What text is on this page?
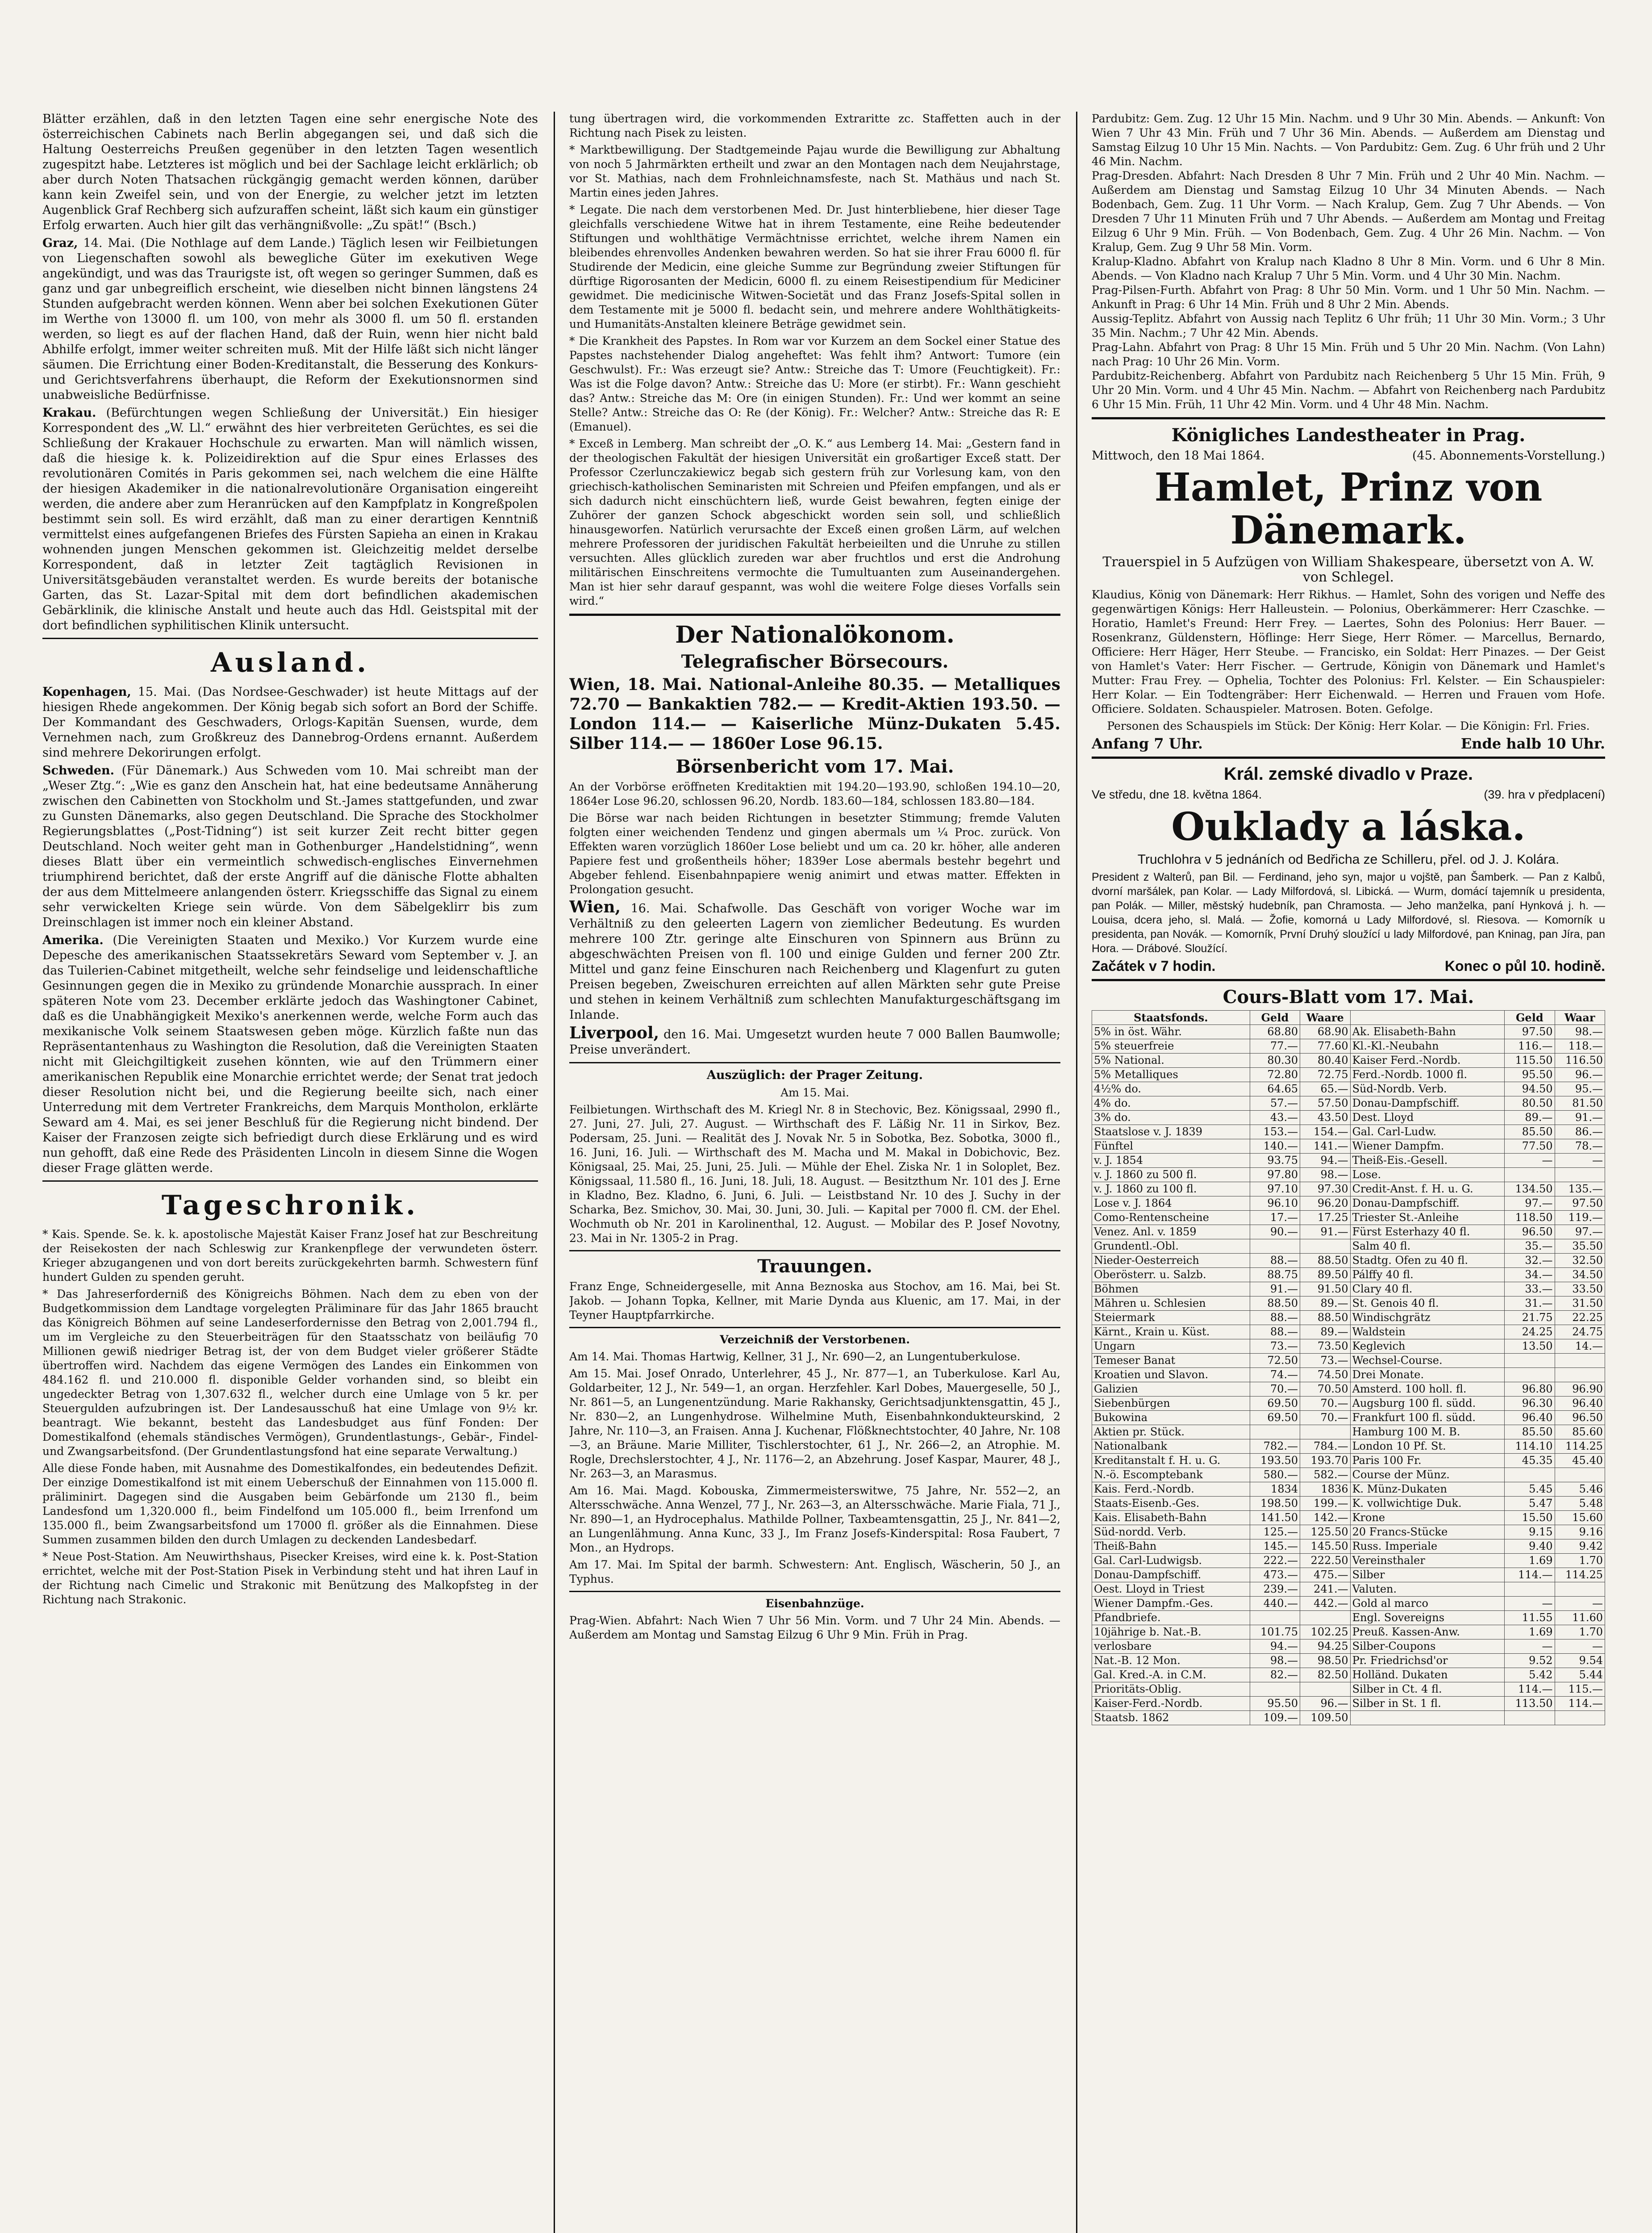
Blätter erzählen, daß in den letzten Tagen eine sehr energische Note des österreichischen Cabinets nach Berlin abgegangen sei, und daß sich die Haltung Oesterreichs Preußen gegenüber in den letzten Tagen wesentlich zugespitzt habe. Letzteres ist möglich und bei der Sachlage leicht erklärlich; ob aber durch Noten Thatsachen rückgängig gemacht werden können, darüber kann kein Zweifel sein, und von der Energie, zu welcher jetzt im letzten Augenblick Graf Rechberg sich aufzuraffen scheint, läßt sich kaum ein günstiger Erfolg erwarten. Auch hier gilt das verhängnißvolle: „Zu spät!“ (Bsch.)

Graz, 14. Mai. (Die Nothlage auf dem Lande.) Täglich lesen wir Feilbietungen von Liegenschaften sowohl als bewegliche Güter im exekutiven Wege angekündigt, und was das Traurigste ist, oft wegen so geringer Summen, daß es ganz und gar unbegreiflich erscheint, wie dieselben nicht binnen längstens 24 Stunden aufgebracht werden können. Wenn aber bei solchen Exekutionen Güter im Werthe von 13000 fl. um 100, von mehr als 3000 fl. um 50 fl. erstanden werden, so liegt es auf der flachen Hand, daß der Ruin, wenn hier nicht bald Abhilfe erfolgt, immer weiter schreiten muß. Mit der Hilfe läßt sich nicht länger säumen. Die Errichtung einer Boden-Kreditanstalt, die Besserung des Konkurs- und Gerichtsverfahrens überhaupt, die Reform der Exekutionsnormen sind unabweisliche Bedürfnisse.

Krakau. (Befürchtungen wegen Schließung der Universität.) Ein hiesiger Korrespondent des „W. Ll.“ erwähnt des hier verbreiteten Gerüchtes, es sei die Schließung der Krakauer Hochschule zu erwarten. Man will nämlich wissen, daß die hiesige k. k. Polizeidirektion auf die Spur eines Erlasses des revolutionären Comités in Paris gekommen sei, nach welchem die eine Hälfte der hiesigen Akademiker in die nationalrevolutionäre Organisation eingereiht werden, die andere aber zum Heranrücken auf den Kampfplatz in Kongreßpolen bestimmt sein soll. Es wird erzählt, daß man zu einer derartigen Kenntniß vermittelst eines aufgefangenen Briefes des Fürsten Sapieha an einen in Krakau wohnenden jungen Menschen gekommen ist. Gleichzeitig meldet derselbe Korrespondent, daß in letzter Zeit tagtäglich Revisionen in Universitätsgebäuden veranstaltet werden. Es wurde bereits der botanische Garten, das St. Lazar-Spital mit dem dort befindlichen akademischen Gebärklinik, die klinische Anstalt und heute auch das Hdl. Geistspital mit der dort befindlichen syphilitischen Klinik untersucht.

Ausland.

Kopenhagen, 15. Mai. (Das Nordsee-Geschwader) ist heute Mittags auf der hiesigen Rhede angekommen. Der König begab sich sofort an Bord der Schiffe. Der Kommandant des Geschwaders, Orlogs-Kapitän Suensen, wurde, dem Vernehmen nach, zum Großkreuz des Dannebrog-Ordens ernannt. Außerdem sind mehrere Dekorirungen erfolgt.

Schweden. (Für Dänemark.) Aus Schweden vom 10. Mai schreibt man der „Weser Ztg.“: „Wie es ganz den Anschein hat, hat eine bedeutsame Annäherung zwischen den Cabinetten von Stockholm und St.-James stattgefunden, und zwar zu Gunsten Dänemarks, also gegen Deutschland. Die Sprache des Stockholmer Regierungsblattes („Post-Tidning“) ist seit kurzer Zeit recht bitter gegen Deutschland. Noch weiter geht man in Gothenburger „Handelstidning“, wenn dieses Blatt über ein vermeintlich schwedisch-englisches Einvernehmen triumphirend berichtet, daß der erste Angriff auf die dänische Flotte abhalten der aus dem Mittelmeere anlangenden österr. Kriegsschiffe das Signal zu einem sehr verwickelten Kriege sein würde. Von dem Säbelgeklirr bis zum Dreinschlagen ist immer noch ein kleiner Abstand.

Amerika. (Die Vereinigten Staaten und Mexiko.) Vor Kurzem wurde eine Depesche des amerikanischen Staatssekretärs Seward vom September v. J. an das Tuilerien-Cabinet mitgetheilt, welche sehr feindselige und leidenschaftliche Gesinnungen gegen die in Mexiko zu gründende Monarchie aussprach. In einer späteren Note vom 23. December erklärte jedoch das Washingtoner Cabinet, daß es die Unabhängigkeit Mexiko's anerkennen werde, welche Form auch das mexikanische Volk seinem Staatswesen geben möge. Kürzlich faßte nun das Repräsentantenhaus zu Washington die Resolution, daß die Vereinigten Staaten nicht mit Gleichgiltigkeit zusehen könnten, wie auf den Trümmern einer amerikanischen Republik eine Monarchie errichtet werde; der Senat trat jedoch dieser Resolution nicht bei, und die Regierung beeilte sich, nach einer Unterredung mit dem Vertreter Frankreichs, dem Marquis Montholon, erklärte Seward am 4. Mai, es sei jener Beschluß für die Regierung nicht bindend. Der Kaiser der Franzosen zeigte sich befriedigt durch diese Erklärung und es wird nun gehofft, daß eine Rede des Präsidenten Lincoln in diesem Sinne die Wogen dieser Frage glätten werde.

Tageschronik.

* Kais. Spende. Se. k. k. apostolische Majestät Kaiser Franz Josef hat zur Beschreitung der Reisekosten der nach Schleswig zur Krankenpflege der verwundeten österr. Krieger abzugangenen und von dort bereits zurückgekehrten barmh. Schwestern fünf hundert Gulden zu spenden geruht.

* Das Jahreserforderniß des Königreichs Böhmen. Nach dem zu eben von der Budgetkommission dem Landtage vorgelegten Präliminare für das Jahr 1865 braucht das Königreich Böhmen auf seine Landeserfordernisse den Betrag von 2,001.794 fl., um im Vergleiche zu den Steuerbeiträgen für den Staatsschatz von beiläufig 70 Millionen gewiß niedriger Betrag ist, der von dem Budget vieler größerer Städte übertroffen wird. Nachdem das eigene Vermögen des Landes ein Einkommen von 484.162 fl. und 210.000 fl. disponible Gelder vorhanden sind, so bleibt ein ungedeckter Betrag von 1,307.632 fl., welcher durch eine Umlage von 5 kr. per Steuergulden aufzubringen ist. Der Landesausschuß hat eine Umlage von 9½ kr. beantragt. Wie bekannt, besteht das Landesbudget aus fünf Fonden: Der Domestikalfond (ehemals ständisches Vermögen), Grundentlastungs-, Gebär-, Findel- und Zwangsarbeitsfond. (Der Grundentlastungsfond hat eine separate Verwaltung.)

Alle diese Fonde haben, mit Ausnahme des Domestikalfondes, ein bedeutendes Defizit. Der einzige Domestikalfond ist mit einem Ueberschuß der Einnahmen von 115.000 fl. präliminirt. Dagegen sind die Ausgaben beim Gebärfonde um 2130 fl., beim Landesfond um 1,320.000 fl., beim Findelfond um 105.000 fl., beim Irrenfond um 135.000 fl., beim Zwangsarbeitsfond um 17000 fl. größer als die Einnahmen. Diese Summen zusammen bilden den durch Umlagen zu deckenden Landesbedarf.

* Neue Post-Station. Am Neuwirthshaus, Pisecker Kreises, wird eine k. k. Post-Station errichtet, welche mit der Post-Station Pisek in Verbindung steht und hat ihren Lauf in der Richtung nach Cimelic und Strakonic mit Benützung des Malkopfsteg in der Richtung nach Strakonic.

tung übertragen wird, die vorkommenden Extraritte zc. Staffetten auch in der Richtung nach Pisek zu leisten.

* Marktbewilligung. Der Stadtgemeinde Pajau wurde die Bewilligung zur Abhaltung von noch 5 Jahrmärkten ertheilt und zwar an den Montagen nach dem Neujahrstage, vor St. Mathias, nach dem Frohnleichnamsfeste, nach St. Mathäus und nach St. Martin eines jeden Jahres.

* Legate. Die nach dem verstorbenen Med. Dr. Just hinterbliebene, hier dieser Tage gleichfalls verschiedene Witwe hat in ihrem Testamente, eine Reihe bedeutender Stiftungen und wohlthätige Vermächtnisse errichtet, welche ihrem Namen ein bleibendes ehrenvolles Andenken bewahren werden. So hat sie ihrer Frau 6000 fl. für Studirende der Medicin, eine gleiche Summe zur Begründung zweier Stiftungen für dürftige Rigorosanten der Medicin, 6000 fl. zu einem Reisestipendium für Mediciner gewidmet. Die medicinische Witwen-Societät und das Franz Josefs-Spital sollen in dem Testamente mit je 5000 fl. bedacht sein, und mehrere andere Wohlthätigkeits- und Humanitäts-Anstalten kleinere Beträge gewidmet sein.

* Die Krankheit des Papstes. In Rom war vor Kurzem an dem Sockel einer Statue des Papstes nachstehender Dialog angeheftet: Was fehlt ihm? Antwort: Tumore (ein Geschwulst). Fr.: Was erzeugt sie? Antw.: Streiche das T: Umore (Feuchtigkeit). Fr.: Was ist die Folge davon? Antw.: Streiche das U: More (er stirbt). Fr.: Wann geschieht das? Antw.: Streiche das M: Ore (in einigen Stunden). Fr.: Und wer kommt an seine Stelle? Antw.: Streiche das O: Re (der König). Fr.: Welcher? Antw.: Streiche das R: E (Emanuel).

* Exceß in Lemberg. Man schreibt der „O. K.“ aus Lemberg 14. Mai: „Gestern fand in der theologischen Fakultät der hiesigen Universität ein großartiger Exceß statt. Der Professor Czerlunczakiewicz begab sich gestern früh zur Vorlesung kam, von den griechisch-katholischen Seminaristen mit Schreien und Pfeifen empfangen, und als er sich dadurch nicht einschüchtern ließ, wurde Geist bewahren, fegten einige der Zuhörer der ganzen Schock abgeschickt worden sein soll, und schließlich hinausgeworfen. Natürlich verursachte der Exceß einen großen Lärm, auf welchen mehrere Professoren der juridischen Fakultät herbeieilten und die Unruhe zu stillen versuchten. Alles glücklich zureden war aber fruchtlos und erst die Androhung militärischen Einschreitens vermochte die Tumultuanten zum Auseinandergehen. Man ist hier sehr darauf gespannt, was wohl die weitere Folge dieses Vorfalls sein wird.“

Der Nationalökonom.
Telegrafischer Börsecours.

Wien, 18. Mai. National-Anleihe 80.35. — Metalliques 72.70 — Bankaktien 782.— — Kredit-Aktien 193.50. — London 114.— — Kaiserliche Münz-Dukaten 5.45. Silber 114.— — 1860er Lose 96.15.

Börsenbericht vom 17. Mai.

An der Vorbörse eröffneten Kreditaktien mit 194.20—193.90, schloßen 194.10—20, 1864er Lose 96.20, schlossen 96.20, Nordb. 183.60—184, schlossen 183.80—184.

Die Börse war nach beiden Richtungen in besetzter Stimmung; fremde Valuten folgten einer weichenden Tendenz und gingen abermals um ¼ Proc. zurück. Von Effekten waren vorzüglich 1860er Lose beliebt und um ca. 20 kr. höher, alle anderen Papiere fest und großentheils höher; 1839er Lose abermals bestehr begehrt und Abgeber fehlend. Eisenbahnpapiere wenig animirt und etwas matter. Effekten in Prolongation gesucht.

Wien, 16. Mai. Schafwolle. Das Geschäft von voriger Woche war im Verhältniß zu den geleerten Lagern von ziemlicher Bedeutung. Es wurden mehrere 100 Ztr. geringe alte Einschuren von Spinnern aus Brünn zu abgeschwächten Preisen von fl. 100 und einige Gulden und ferner 200 Ztr. Mittel und ganz feine Einschuren nach Reichenberg und Klagenfurt zu guten Preisen begeben, Zweischuren erreichten auf allen Märkten sehr gute Preise und stehen in keinem Verhältniß zum schlechten Manufakturgeschäftsgang im Inlande.

Liverpool, den 16. Mai. Umgesetzt wurden heute 7 000 Ballen Baumwolle; Preise unverändert.

Auszüglich: der Prager Zeitung.

Am 15. Mai.

Feilbietungen. Wirthschaft des M. Kriegl Nr. 8 in Stechovic, Bez. Königssaal, 2990 fl., 27. Juni, 27. Juli, 27. August. — Wirthschaft des F. Läßig Nr. 11 in Sirkov, Bez. Podersam, 25. Juni. — Realität des J. Novak Nr. 5 in Sobotka, Bez. Sobotka, 3000 fl., 16. Juni, 16. Juli. — Wirthschaft des M. Macha und M. Makal in Dobichovic, Bez. Königsaal, 25. Mai, 25. Juni, 25. Juli. — Mühle der Ehel. Ziska Nr. 1 in Soloplet, Bez. Königssaal, 11.580 fl., 16. Juni, 18. Juli, 18. August. — Besitzthum Nr. 101 des J. Erne in Kladno, Bez. Kladno, 6. Juni, 6. Juli. — Leistbstand Nr. 10 des J. Suchy in der Scharka, Bez. Smichov, 30. Mai, 30. Juni, 30. Juli. — Kapital per 7000 fl. CM. der Ehel. Wochmuth ob Nr. 201 in Karolinenthal, 12. August. — Mobilar des P. Josef Novotny, 23. Mai in Nr. 1305-2 in Prag.

Trauungen.

Franz Enge, Schneidergeselle, mit Anna Beznoska aus Stochov, am 16. Mai, bei St. Jakob. — Johann Topka, Kellner, mit Marie Dynda aus Kluenic, am 17. Mai, in der Teyner Hauptpfarrkirche.

Verzeichniß der Verstorbenen.

Am 14. Mai. Thomas Hartwig, Kellner, 31 J., Nr. 690—2, an Lungentuberkulose.

Am 15. Mai. Josef Onrado, Unterlehrer, 45 J., Nr. 877—1, an Tuberkulose. Karl Au, Goldarbeiter, 12 J., Nr. 549—1, an organ. Herzfehler. Karl Dobes, Mauergeselle, 50 J., Nr. 861—5, an Lungenentzündung. Marie Rakhansky, Gerichtsadjunktensgattin, 45 J., Nr. 830—2, an Lungenhydrose. Wilhelmine Muth, Eisenbahnkondukteurskind, 2 Jahre, Nr. 110—3, an Fraisen. Anna J. Kuchenar, Flößknechtstochter, 40 Jahre, Nr. 108—3, an Bräune. Marie Milliter, Tischlerstochter, 61 J., Nr. 266—2, an Atrophie. M. Rogle, Drechslerstochter, 4 J., Nr. 1176—2, an Abzehrung. Josef Kaspar, Maurer, 48 J., Nr. 263—3, an Marasmus.

Am 16. Mai. Magd. Kobouska, Zimmermeisterswitwe, 75 Jahre, Nr. 552—2, an Altersschwäche. Anna Wenzel, 77 J., Nr. 263—3, an Altersschwäche. Marie Fiala, 71 J., Nr. 890—1, an Hydrocephalus. Mathilde Pollner, Taxbeamtensgattin, 25 J., Nr. 841—2, an Lungenlähmung. Anna Kunc, 33 J., Im Franz Josefs-Kinderspital: Rosa Faubert, 7 Mon., an Hydrops.

Am 17. Mai. Im Spital der barmh. Schwestern: Ant. Englisch, Wäscherin, 50 J., an Typhus.

Eisenbahnzüge.

Prag-Wien. Abfahrt: Nach Wien 7 Uhr 56 Min. Vorm. und 7 Uhr 24 Min. Abends. — Außerdem am Montag und Samstag Eilzug 6 Uhr 9 Min. Früh in Prag.

Pardubitz: Gem. Zug. 12 Uhr 15 Min. Nachm. und 9 Uhr 30 Min. Abends. — Ankunft: Von Wien 7 Uhr 43 Min. Früh und 7 Uhr 36 Min. Abends. — Außerdem am Dienstag und Samstag Eilzug 10 Uhr 15 Min. Nachts. — Von Pardubitz: Gem. Zug. 6 Uhr früh und 2 Uhr 46 Min. Nachm.
Prag-Dresden. Abfahrt: Nach Dresden 8 Uhr 7 Min. Früh und 2 Uhr 40 Min. Nachm. — Außerdem am Dienstag und Samstag Eilzug 10 Uhr 34 Minuten Abends. — Nach Bodenbach, Gem. Zug. 11 Uhr Vorm. — Nach Kralup, Gem. Zug 7 Uhr Abends. — Von Dresden 7 Uhr 11 Minuten Früh und 7 Uhr Abends. — Außerdem am Montag und Freitag Eilzug 6 Uhr 9 Min. Früh. — Von Bodenbach, Gem. Zug. 4 Uhr 26 Min. Nachm. — Von Kralup, Gem. Zug 9 Uhr 58 Min. Vorm.
Kralup-Kladno. Abfahrt von Kralup nach Kladno 8 Uhr 8 Min. Vorm. und 6 Uhr 8 Min. Abends. — Von Kladno nach Kralup 7 Uhr 5 Min. Vorm. und 4 Uhr 30 Min. Nachm.
Prag-Pilsen-Furth. Abfahrt von Prag: 8 Uhr 50 Min. Vorm. und 1 Uhr 50 Min. Nachm. — Ankunft in Prag: 6 Uhr 14 Min. Früh und 8 Uhr 2 Min. Abends.
Aussig-Teplitz. Abfahrt von Aussig nach Teplitz 6 Uhr früh; 11 Uhr 30 Min. Vorm.; 3 Uhr 35 Min. Nachm.; 7 Uhr 42 Min. Abends.
Prag-Lahn. Abfahrt von Prag: 8 Uhr 15 Min. Früh und 5 Uhr 20 Min. Nachm. (Von Lahn) nach Prag: 10 Uhr 26 Min. Vorm.
Pardubitz-Reichenberg. Abfahrt von Pardubitz nach Reichenberg 5 Uhr 15 Min. Früh, 9 Uhr 20 Min. Vorm. und 4 Uhr 45 Min. Nachm. — Abfahrt von Reichenberg nach Pardubitz 6 Uhr 15 Min. Früh, 11 Uhr 42 Min. Vorm. und 4 Uhr 48 Min. Nachm.

Königliches Landestheater in Prag.

Mittwoch, den 18 Mai 1864.	(45. Abonnements-Vorstellung.)

Hamlet, Prinz von Dänemark.

Trauerspiel in 5 Aufzügen von William Shakespeare, übersetzt von A. W. von Schlegel.

Klaudius, König von Dänemark: Herr Rikhus. — Hamlet, Sohn des vorigen und Neffe des gegenwärtigen Königs: Herr Halleustein. — Polonius, Oberkämmerer: Herr Czaschke. — Horatio, Hamlet's Freund: Herr Frey. — Laertes, Sohn des Polonius: Herr Bauer. — Rosenkranz, Güldenstern, Höflinge: Herr Siege, Herr Römer. — Marcellus, Bernardo, Officiere: Herr Häger, Herr Steube. — Francisko, ein Soldat: Herr Pinazes. — Der Geist von Hamlet's Vater: Herr Fischer. — Gertrude, Königin von Dänemark und Hamlet's Mutter: Frau Frey. — Ophelia, Tochter des Polonius: Frl. Kelster. — Ein Schauspieler: Herr Kolar. — Ein Todtengräber: Herr Eichenwald. — Herren und Frauen vom Hofe. Officiere. Soldaten. Schauspieler. Matrosen. Boten. Gefolge.

Personen des Schauspiels im Stück: Der König: Herr Kolar. — Die Königin: Frl. Fries.

Anfang 7 Uhr.	Ende halb 10 Uhr.

Král. zemské divadlo v Praze.

Ve středu, dne 18. května 1864.	(39. hra v předplacení)

Ouklady a láska.

Truchlohra v 5 jednáních od Bedřicha ze Schilleru, přel. od J. J. Kolára.

President z Walterů, pan Bil. — Ferdinand, jeho syn, major u vojště, pan Šamberk. — Pan z Kalbů, dvorní maršálek, pan Kolar. — Lady Milfordová, sl. Libická. — Wurm, domácí tajemník u presidenta, pan Polák. — Miller, městský hudebník, pan Chramosta. — Jeho manželka, paní Hynková j. h. — Louisa, dcera jeho, sl. Malá. — Žofie, komorná u Lady Milfordové, sl. Riesova. — Komorník u presidenta, pan Novák. — Komorník, První Druhý sloužící u lady Milfordové, pan Kninag, pan Jíra, pan Hora. — Drábové. Sloužící.

Začátek v 7 hodin.	Konec o půl 10. hodině.

Cours-Blatt vom 17. Mai.
Staatsfonds.	Geld	Waare		Geld	Waar
5% in öst. Währ.	68.80	68.90	Ak. Elisabeth-Bahn	97.50	98.—
5% steuerfreie	77.—	77.60	Kl.-Kl.-Neubahn	116.—	118.—
5% National.	80.30	80.40	Kaiser Ferd.-Nordb.	115.50	116.50
5% Metalliques	72.80	72.75	Ferd.-Nordb. 1000 fl.	95.50	96.—
4½% do.	64.65	65.—	Süd-Nordb. Verb.	94.50	95.—
4% do.	57.—	57.50	Donau-Dampfschiff.	80.50	81.50
3% do.	43.—	43.50	Dest. Lloyd	89.—	91.—
Staatslose v. J. 1839	153.—	154.—	Gal. Carl-Ludw.	85.50	86.—
Fünftel	140.—	141.—	Wiener Dampfm.	77.50	78.—
v. J. 1854	93.75	94.—	Theiß-Eis.-Gesell.	—	—
v. J. 1860 zu 500 fl.	97.80	98.—	Lose.		
v. J. 1860 zu 100 fl.	97.10	97.30	Credit-Anst. f. H. u. G.	134.50	135.—
Lose v. J. 1864	96.10	96.20	Donau-Dampfschiff.	97.—	97.50
Como-Rentenscheine	17.—	17.25	Triester St.-Anleihe	118.50	119.—
Venez. Anl. v. 1859	90.—	91.—	Fürst Esterhazy 40 fl.	96.50	97.—
Grundentl.-Obl.			Salm 40 fl.	35.—	35.50
Nieder-Oesterreich	88.—	88.50	Stadtg. Ofen zu 40 fl.	32.—	32.50
Oberösterr. u. Salzb.	88.75	89.50	Pálffy 40 fl.	34.—	34.50
Böhmen	91.—	91.50	Clary 40 fl.	33.—	33.50
Mähren u. Schlesien	88.50	89.—	St. Genois 40 fl.	31.—	31.50
Steiermark	88.—	88.50	Windischgrätz	21.75	22.25
Kärnt., Krain u. Küst.	88.—	89.—	Waldstein	24.25	24.75
Ungarn	73.—	73.50	Keglevich	13.50	14.—
Temeser Banat	72.50	73.—	Wechsel-Course.		
Kroatien und Slavon.	74.—	74.50	Drei Monate.		
Galizien	70.—	70.50	Amsterd. 100 holl. fl.	96.80	96.90
Siebenbürgen	69.50	70.—	Augsburg 100 fl. südd.	96.30	96.40
Bukowina	69.50	70.—	Frankfurt 100 fl. südd.	96.40	96.50
Aktien pr. Stück.			Hamburg 100 M. B.	85.50	85.60
Nationalbank	782.—	784.—	London 10 Pf. St.	114.10	114.25
Kreditanstalt f. H. u. G.	193.50	193.70	Paris 100 Fr.	45.35	45.40
N.-ö. Escomptebank	580.—	582.—	Course der Münz.		
Kais. Ferd.-Nordb.	1834	1836	K. Münz-Dukaten	5.45	5.46
Staats-Eisenb.-Ges.	198.50	199.—	K. vollwichtige Duk.	5.47	5.48
Kais. Elisabeth-Bahn	141.50	142.—	Krone	15.50	15.60
Süd-nordd. Verb.	125.—	125.50	20 Francs-Stücke	9.15	9.16
Theiß-Bahn	145.—	145.50	Russ. Imperiale	9.40	9.42
Gal. Carl-Ludwigsb.	222.—	222.50	Vereinsthaler	1.69	1.70
Donau-Dampfschiff.	473.—	475.—	Silber	114.—	114.25
Oest. Lloyd in Triest	239.—	241.—	Valuten.		
Wiener Dampfm.-Ges.	440.—	442.—	Gold al marco	—	—
Pfandbriefe.			Engl. Sovereigns	11.55	11.60
10jährige b. Nat.-B.	101.75	102.25	Preuß. Kassen-Anw.	1.69	1.70
verlosbare	94.—	94.25	Silber-Coupons	—	—
Nat.-B. 12 Mon.	98.—	98.50	Pr. Friedrichsd'or	9.52	9.54
Gal. Kred.-A. in C.M.	82.—	82.50	Holländ. Dukaten	5.42	5.44
Prioritäts-Oblig.			Silber in Ct. 4 fl.	114.—	115.—
Kaiser-Ferd.-Nordb.	95.50	96.—	Silber in St. 1 fl.	113.50	114.—
Staatsb. 1862	109.—	109.50			
